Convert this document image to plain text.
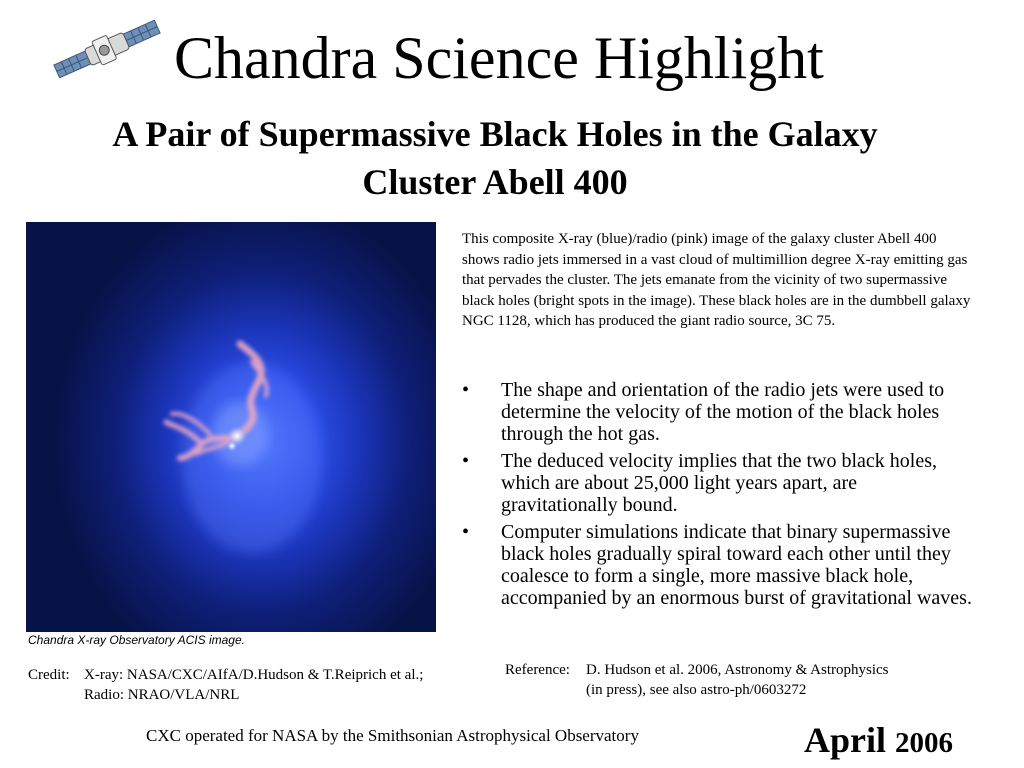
Chandra Science Highlight
A Pair of Supermassive Black Holes in the Galaxy Cluster Abell 400
Chandra X-ray Observatory ACIS image.
Credit: X-ray: NASA/CXC/AIfA/D.Hudson & T.Reiprich et al.;
Radio: NRAO/VLA/NRL

This composite X-ray (blue)/radio (pink) image of the galaxy cluster Abell 400 shows radio jets immersed in a vast cloud of multimillion degree X-ray emitting gas that pervades the cluster. The jets emanate from the vicinity of two supermassive black holes (bright spots in the image). These black holes are in the dumbbell galaxy NGC 1128, which has produced the giant radio source, 3C 75.

• The shape and orientation of the radio jets were used to determine the velocity of the motion of the black holes through the hot gas.
• The deduced velocity implies that the two black holes, which are about 25,000 light years apart, are gravitationally bound.
• Computer simulations indicate that binary supermassive black holes gradually spiral toward each other until they coalesce to form a single, more massive black hole, accompanied by an enormous burst of gravitational waves.
Reference:	D. Hudson et al. 2006, Astronomy & Astrophysics
(in press), see also astro-ph/0603272
CXC operated for NASA by the Smithsonian Astrophysical Observatory	April 2006
